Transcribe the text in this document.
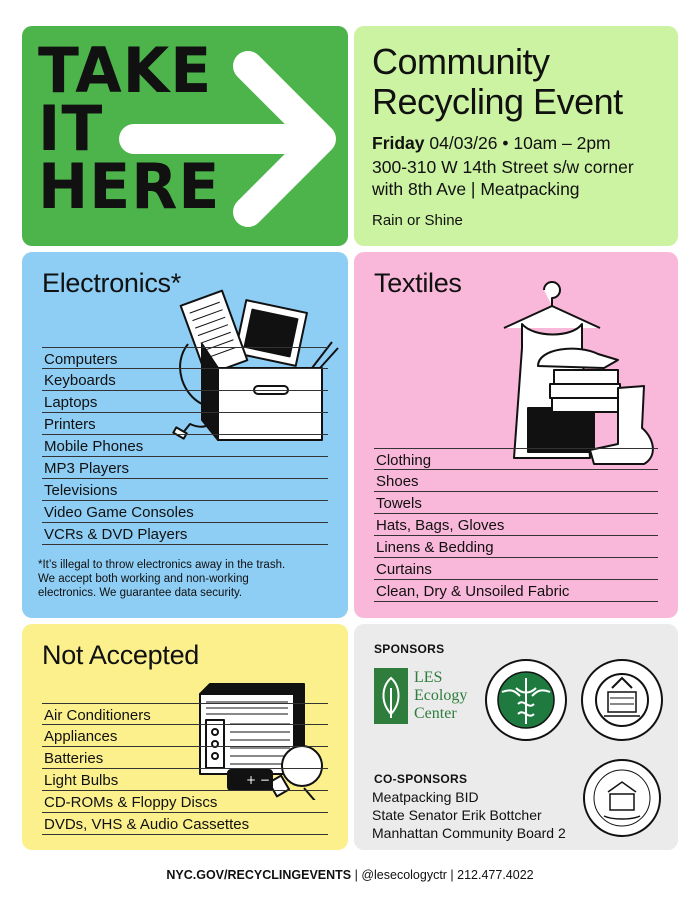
TAKE
IT
HERE
Community
Recycling Event
Friday 04/03/26 • 10am – 2pm
300-310 W 14th Street s/w corner
with 8th Ave | Meatpacking
Rain or Shine
Electronics*
Computers
Keyboards
Laptops
Printers
Mobile Phones
MP3 Players
Televisions
Video Game Consoles
VCRs & DVD Players
*It’s illegal to throw electronics away in the trash.
We accept both working and non-working
electronics. We guarantee data security.
Textiles
Clothing
Shoes
Towels
Hats, Bags, Gloves
Linens & Bedding
Curtains
Clean, Dry & Unsoiled Fabric
Not Accepted
+ −
Air Conditioners
Appliances
Batteries
Light Bulbs
CD-ROMs & Floppy Discs
DVDs, VHS & Audio Cassettes
SPONSORS
LES
Ecology
Center
CO-SPONSORS
Meatpacking BID
State Senator Erik Bottcher
Manhattan Community Board 2
NYC.GOV/RECYCLINGEVENTS | @lesecologyctr | 212.477.4022
